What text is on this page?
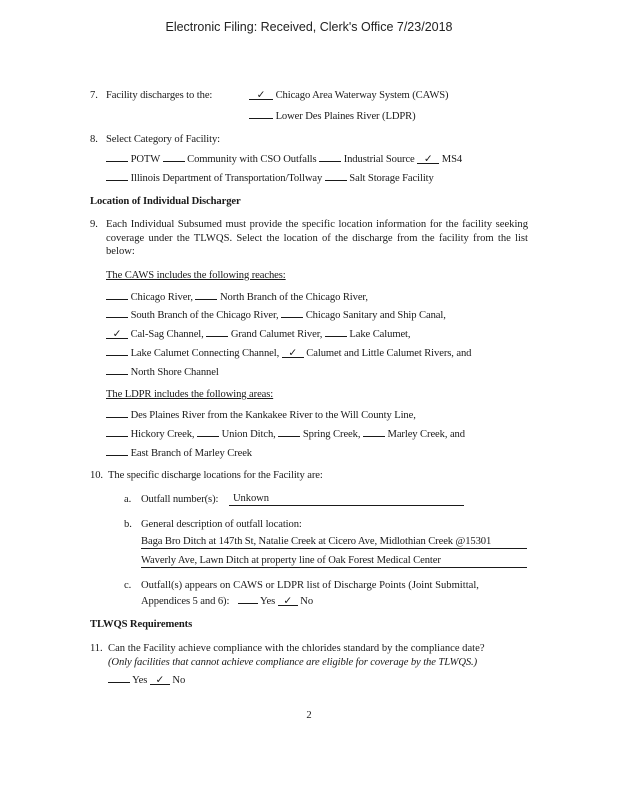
Electronic Filing: Received, Clerk's Office 7/23/2018
7. Facility discharges to the:	✓ Chicago Area Waterway System (CAWS)
Lower Des Plaines River (LDPR)
8. Select Category of Facility:
POTW	Community with CSO Outfalls	Industrial Source ✓ MS4
Illinois Department of Transportation/Tollway	Salt Storage Facility
Location of Individual Discharger
9. Each Individual Subsumed must provide the specific location information for the facility seeking coverage under the TLWQS. Select the location of the discharge from the facility from the list below:
The CAWS includes the following reaches:
Chicago River,	North Branch of the Chicago River,
South Branch of the Chicago River,	Chicago Sanitary and Ship Canal,
✓ Cal-Sag Channel,	Grand Calumet River,	Lake Calumet,
Lake Calumet Connecting Channel, ✓ Calumet and Little Calumet Rivers, and
North Shore Channel
The LDPR includes the following areas:
Des Plaines River from the Kankakee River to the Will County Line,
Hickory Creek,	Union Ditch,	Spring Creek,	Marley Creek, and
East Branch of Marley Creek
10. The specific discharge locations for the Facility are:
a. Outfall number(s):	Unkown
b. General description of outfall location:
Baga Bro Ditch at 147th St, Natalie Creek at Cicero Ave, Midlothian Creek @15301
Waverly Ave, Lawn Ditch at property line of Oak Forest Medical Center
c. Outfall(s) appears on CAWS or LDPR list of Discharge Points (Joint Submittal,
Appendices 5 and 6):	Yes ✓ No
TLWQS Requirements
11. Can the Facility achieve compliance with the chlorides standard by the compliance date?
(Only facilities that cannot achieve compliance are eligible for coverage by the TLWQS.)
Yes ✓ No
2
